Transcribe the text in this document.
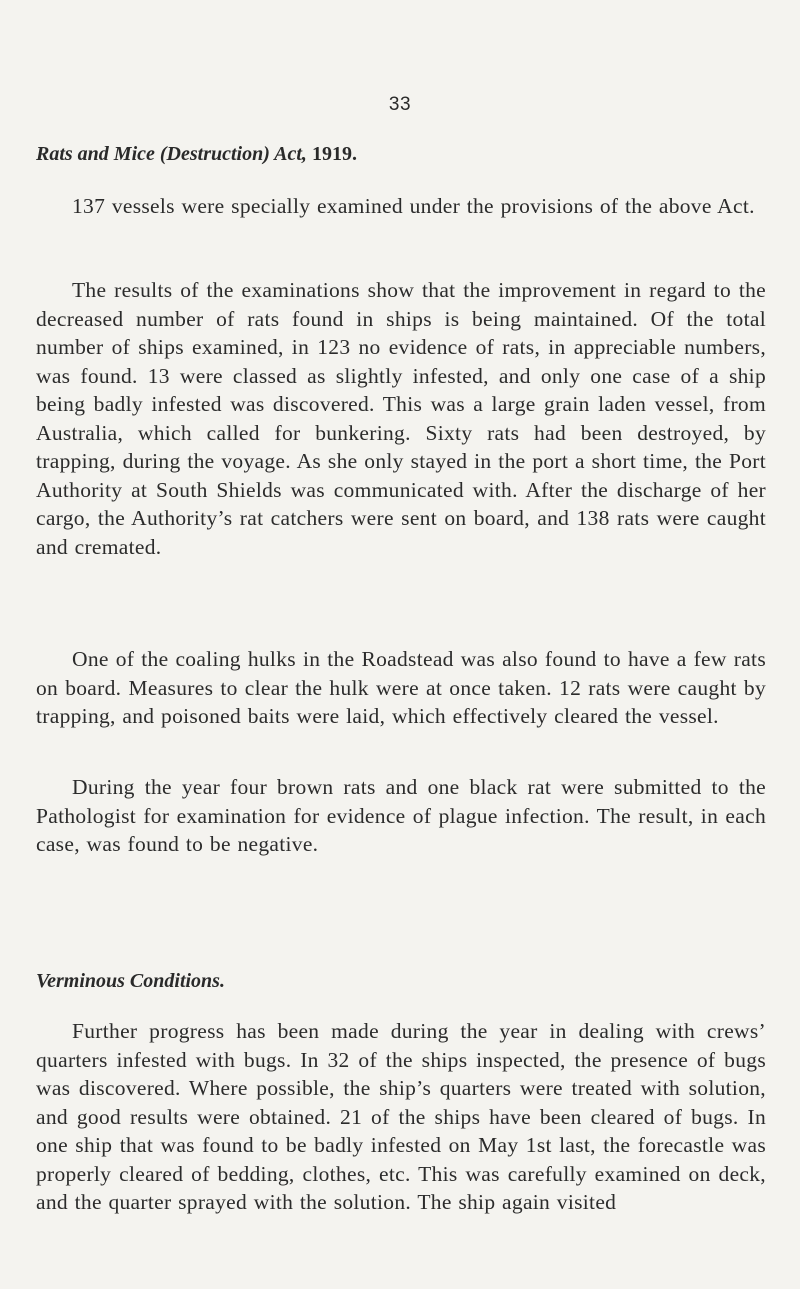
33
Rats and Mice (Destruction) Act, 1919.

137 vessels were specially examined under the provisions of the above Act.

The results of the examinations show that the improvement in regard to the decreased number of rats found in ships is being maintained. Of the total number of ships examined, in 123 no evidence of rats, in appreciable numbers, was found. 13 were classed as slightly infested, and only one case of a ship being badly infested was discovered. This was a large grain laden vessel, from Australia, which called for bunkering. Sixty rats had been destroyed, by trapping, during the voyage. As she only stayed in the port a short time, the Port Authority at South Shields was communicated with. After the discharge of her cargo, the Authority’s rat catchers were sent on board, and 138 rats were caught and cremated.

One of the coaling hulks in the Roadstead was also found to have a few rats on board. Measures to clear the hulk were at once taken. 12 rats were caught by trapping, and poisoned baits were laid, which effectively cleared the vessel.

During the year four brown rats and one black rat were submitted to the Pathologist for examination for evidence of plague infection. The result, in each case, was found to be negative.

Verminous Conditions.

Further progress has been made during the year in dealing with crews’ quarters infested with bugs. In 32 of the ships inspected, the presence of bugs was discovered. Where possible, the ship’s quarters were treated with solution, and good results were obtained. 21 of the ships have been cleared of bugs. In one ship that was found to be badly infested on May 1st last, the forecastle was properly cleared of bedding, clothes, etc. This was carefully examined on deck, and the quarter sprayed with the solution. The ship again visited
